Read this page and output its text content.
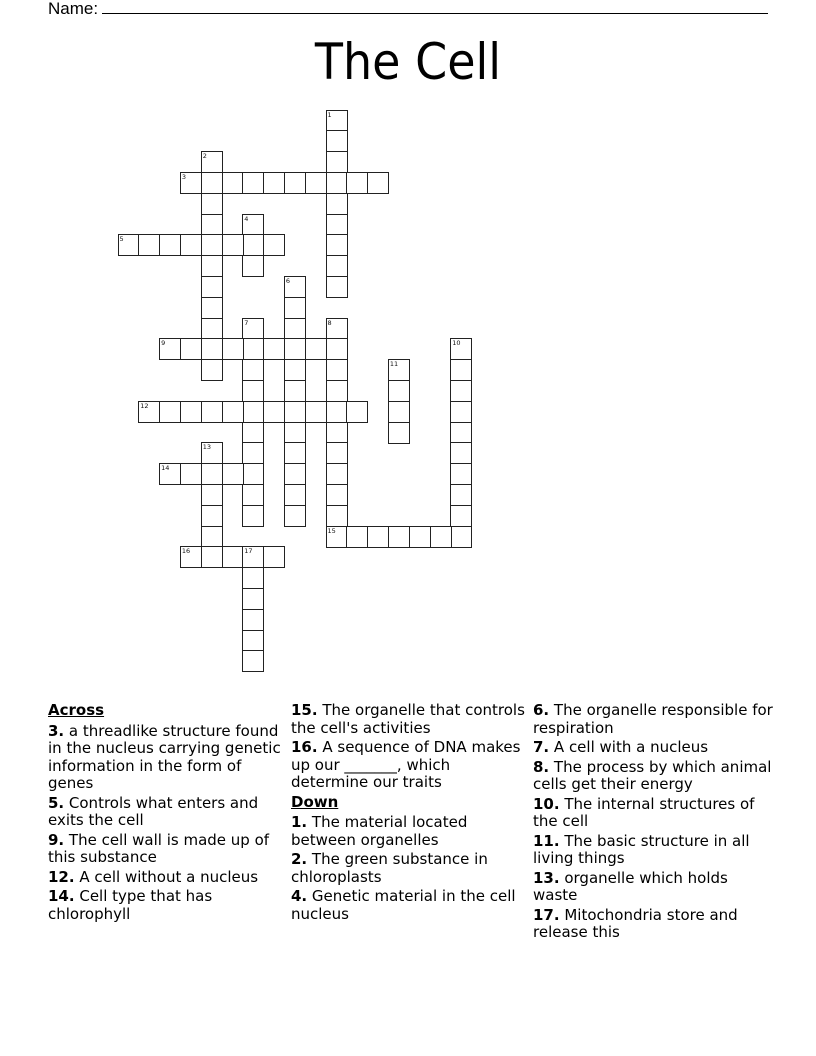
Name:
The Cell
1
2
3
4
5
6
7	8
15
9	10
11
12
13
14
16	17
Across
3. a threadlike structure found in the nucleus carrying genetic information in the form of genes
5. Controls what enters and exits the cell
9. The cell wall is made up of this substance
12. A cell without a nucleus
14. Cell type that has chlorophyll
15. The organelle that controls the cell's activities
16. A sequence of DNA makes up our _______, which determine our traits
Down
1. The material located between organelles
2. The green substance in chloroplasts
4. Genetic material in the cell nucleus
6. The organelle responsible for respiration
7. A cell with a nucleus
8. The process by which animal cells get their energy
10. The internal structures of the cell
11. The basic structure in all living things
13. organelle which holds waste
17. Mitochondria store and release this
